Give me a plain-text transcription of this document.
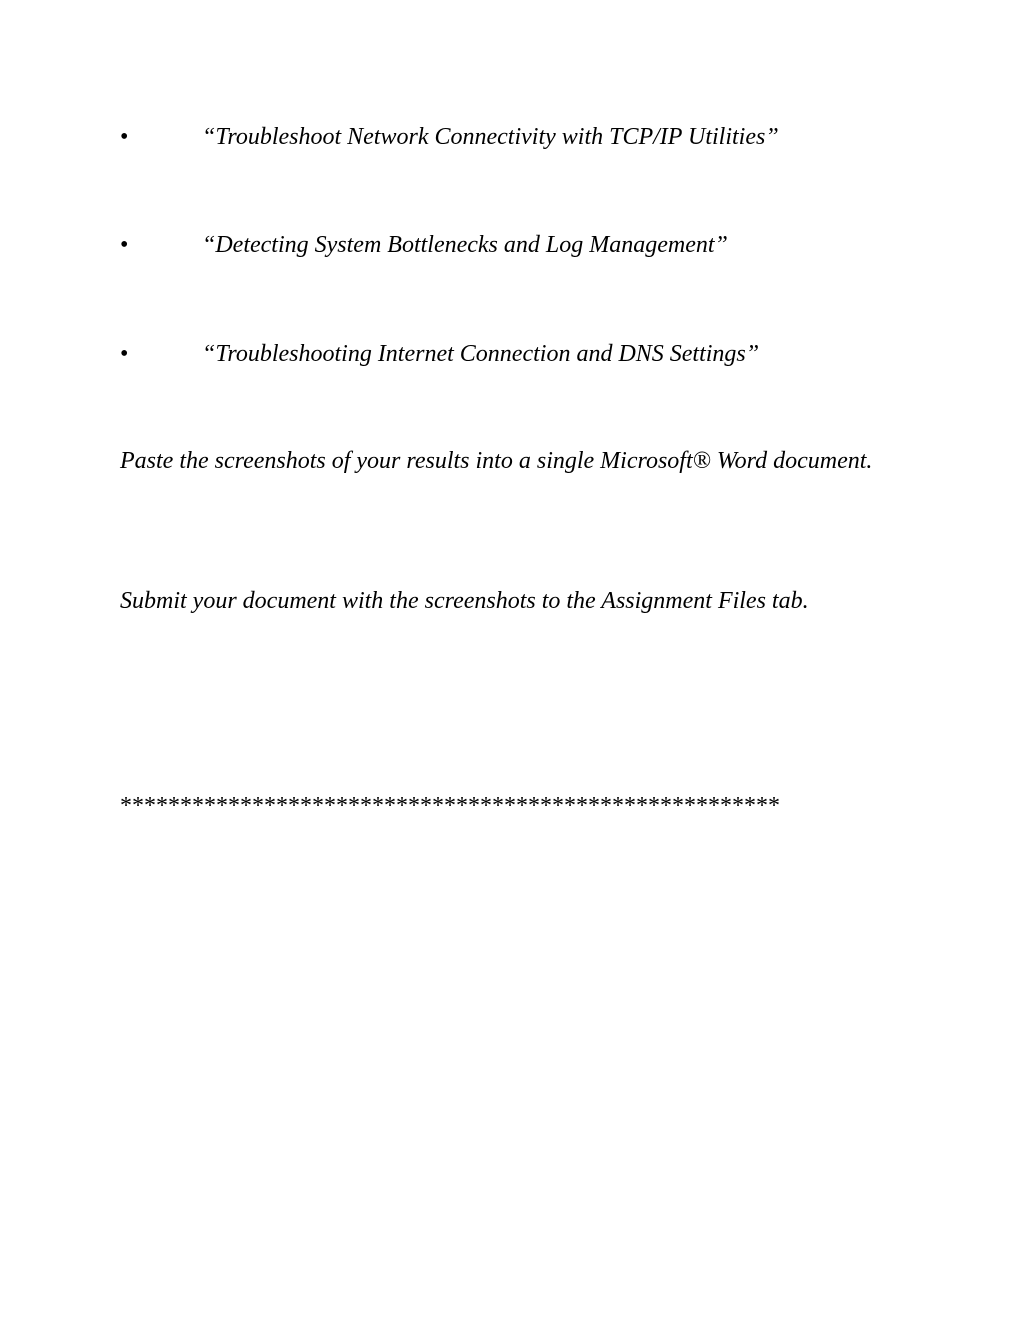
•	“Troubleshoot Network Connectivity with TCP/IP Utilities”
•	“Detecting System Bottlenecks and Log Management”
•	“Troubleshooting Internet Connection and DNS Settings”

Paste the screenshots of your results into a single Microsoft® Word document.

Submit your document with the screenshots to the Assignment Files tab.

*******************************************************
